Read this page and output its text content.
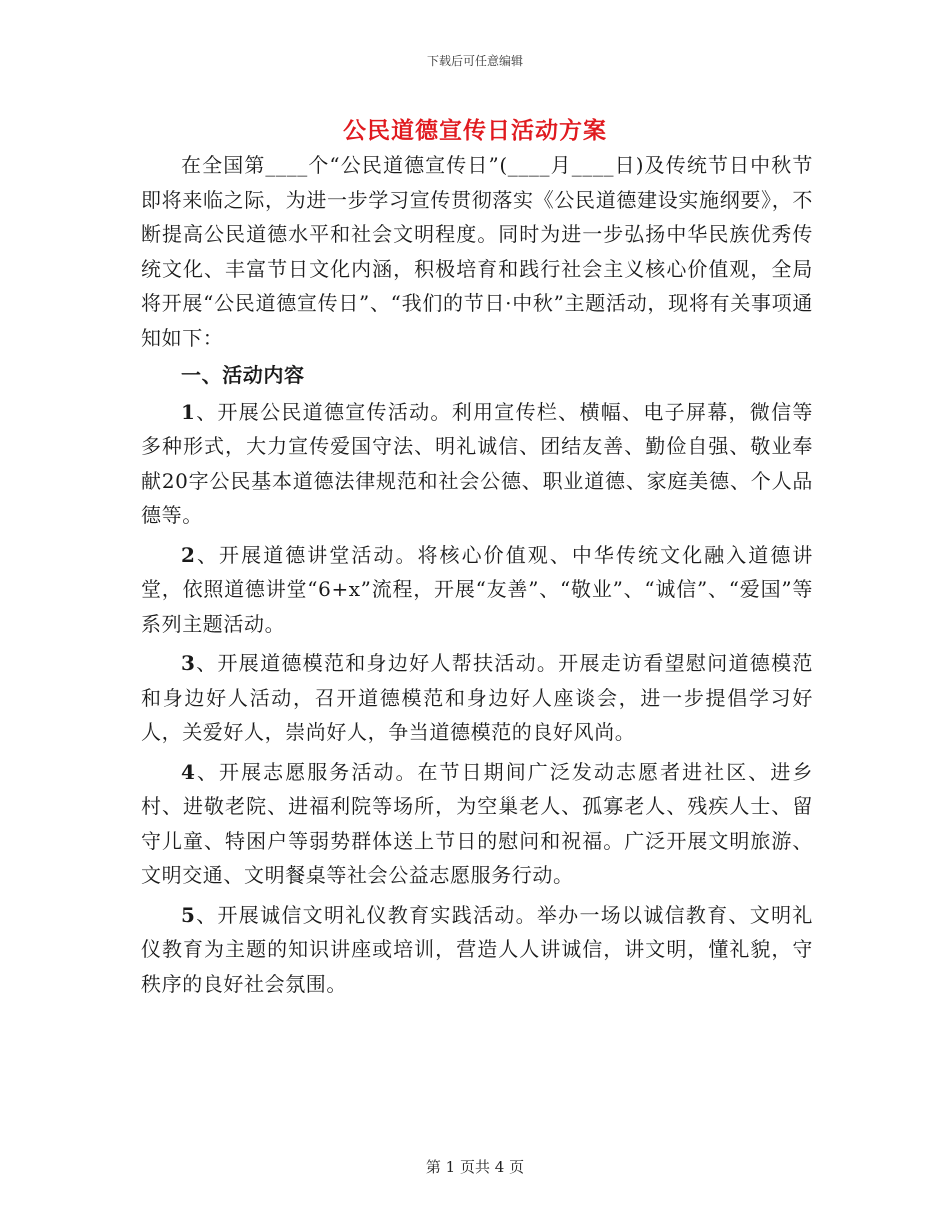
下载后可任意编辑
公民道德宣传日活动方案

在全国第____个“公民道德宣传日”(____月____日)及传统节日中秋节即将来临之际，为进一步学习宣传贯彻落实《公民道德建设实施纲要》，不断提高公民道德水平和社会文明程度。同时为进一步弘扬中华民族优秀传统文化、丰富节日文化内涵，积极培育和践行社会主义核心价值观，全局将开展“公民道德宣传日”、“我们的节日·中秋”主题活动，现将有关事项通知如下：

一、活动内容

1、开展公民道德宣传活动。利用宣传栏、横幅、电子屏幕，微信等多种形式，大力宣传爱国守法、明礼诚信、团结友善、勤俭自强、敬业奉献20字公民基本道德法律规范和社会公德、职业道德、家庭美德、个人品德等。

2、开展道德讲堂活动。将核心价值观、中华传统文化融入道德讲堂，依照道德讲堂“6+x”流程，开展“友善”、“敬业”、“诚信”、“爱国”等系列主题活动。

3、开展道德模范和身边好人帮扶活动。开展走访看望慰问道德模范和身边好人活动，召开道德模范和身边好人座谈会，进一步提倡学习好人，关爱好人，崇尚好人，争当道德模范的良好风尚。

4、开展志愿服务活动。在节日期间广泛发动志愿者进社区、进乡村、进敬老院、进福利院等场所，为空巢老人、孤寡老人、残疾人士、留守儿童、特困户等弱势群体送上节日的慰问和祝福。广泛开展文明旅游、文明交通、文明餐桌等社会公益志愿服务行动。

5、开展诚信文明礼仪教育实践活动。举办一场以诚信教育、文明礼仪教育为主题的知识讲座或培训，营造人人讲诚信，讲文明，懂礼貌，守秩序的良好社会氛围。

第 1 页共 4 页
